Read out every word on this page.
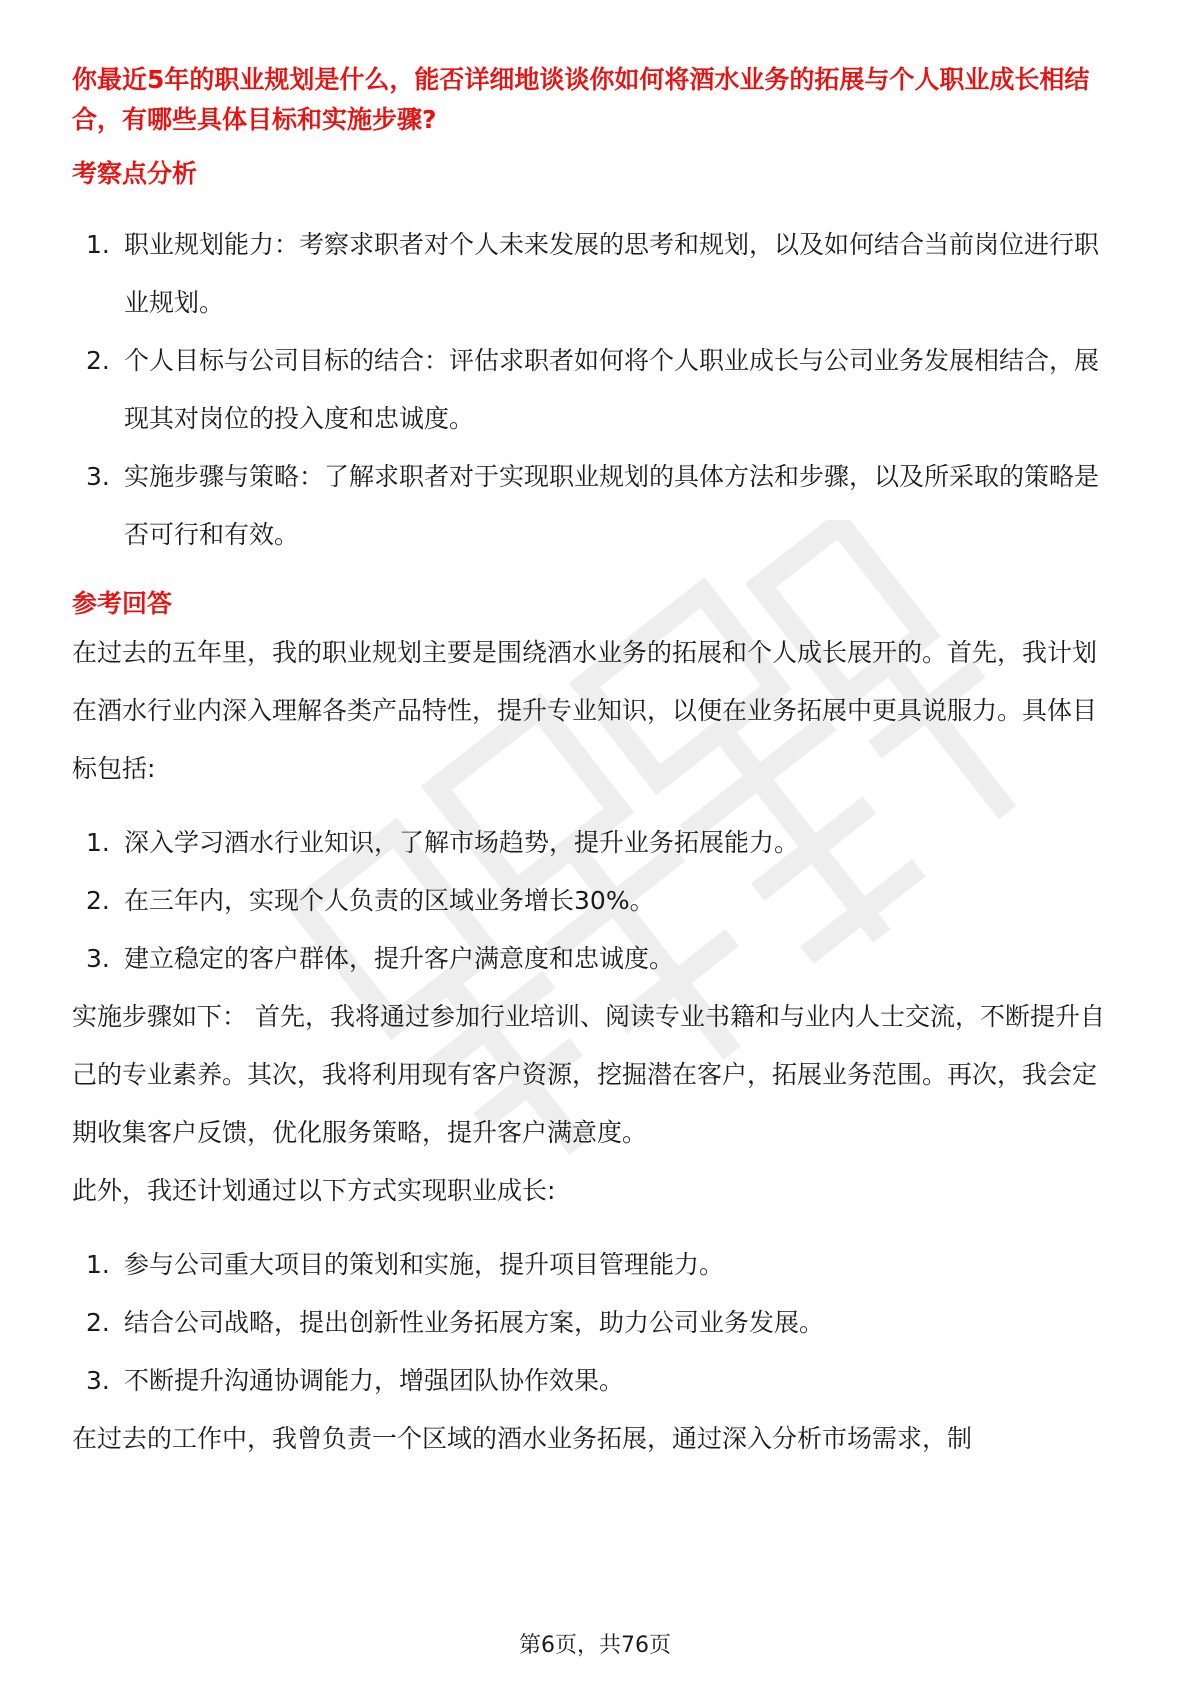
你最近5年的职业规划是什么，能否详细地谈谈你如何将酒水业务的拓展与个人职业成长相结合，有哪些具体目标和实施步骤?
考察点分析
1. 职业规划能力：考察求职者对个人未来发展的思考和规划，以及如何结合当前岗位进行职业规划。
2. 个人目标与公司目标的结合：评估求职者如何将个人职业成长与公司业务发展相结合，展现其对岗位的投入度和忠诚度。
3. 实施步骤与策略：了解求职者对于实现职业规划的具体方法和步骤，以及所采取的策略是否可行和有效。
参考回答

在过去的五年里，我的职业规划主要是围绕酒水业务的拓展和个人成长展开的。首先，我计划在酒水行业内深入理解各类产品特性，提升专业知识，以便在业务拓展中更具说服力。具体目标包括:

1. 深入学习酒水行业知识，了解市场趋势，提升业务拓展能力。
2. 在三年内，实现个人负责的区域业务增长30%。
3. 建立稳定的客户群体，提升客户满意度和忠诚度。

实施步骤如下： 首先，我将通过参加行业培训、阅读专业书籍和与业内人士交流，不断提升自己的专业素养。其次，我将利用现有客户资源，挖掘潜在客户，拓展业务范围。再次，我会定期收集客户反馈，优化服务策略，提升客户满意度。

此外，我还计划通过以下方式实现职业成长:

1. 参与公司重大项目的策划和实施，提升项目管理能力。
2. 结合公司战略，提出创新性业务拓展方案，助力公司业务发展。
3. 不断提升沟通协调能力，增强团队协作效果。

在过去的工作中，我曾负责一个区域的酒水业务拓展，通过深入分析市场需求，制

第6页，共76页
